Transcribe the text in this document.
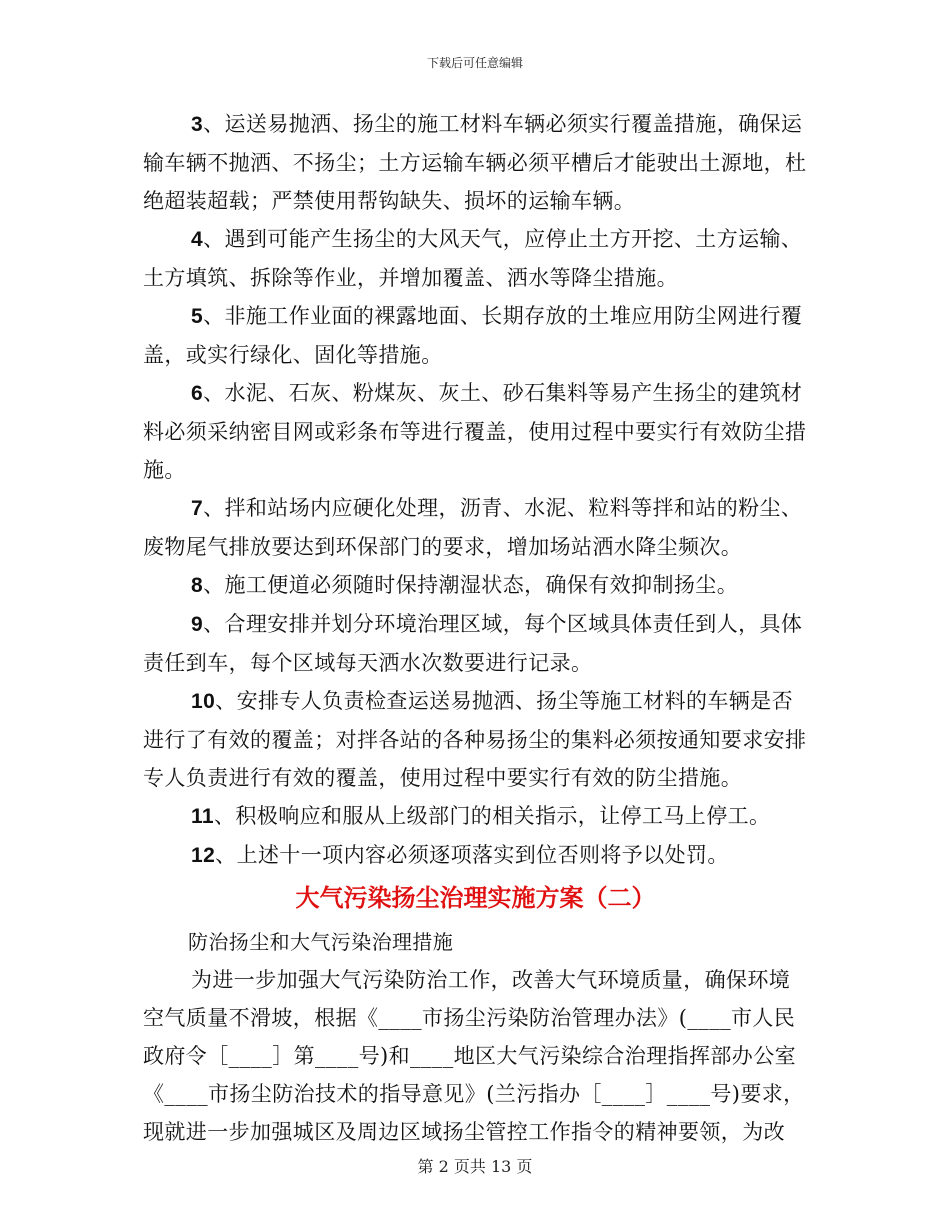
下载后可任意编辑

3、运送易抛洒、扬尘的施工材料车辆必须实行覆盖措施，确保运输车辆不抛洒、不扬尘；土方运输车辆必须平槽后才能驶出土源地，杜绝超装超载；严禁使用帮钩缺失、损坏的运输车辆。

4、遇到可能产生扬尘的大风天气，应停止土方开挖、土方运输、土方填筑、拆除等作业，并增加覆盖、洒水等降尘措施。

5、非施工作业面的裸露地面、长期存放的土堆应用防尘网进行覆盖，或实行绿化、固化等措施。

6、水泥、石灰、粉煤灰、灰土、砂石集料等易产生扬尘的建筑材料必须采纳密目网或彩条布等进行覆盖，使用过程中要实行有效防尘措施。

7、拌和站场内应硬化处理，沥青、水泥、粒料等拌和站的粉尘、废物尾气排放要达到环保部门的要求，增加场站洒水降尘频次。

8、施工便道必须随时保持潮湿状态，确保有效抑制扬尘。

9、合理安排并划分环境治理区域，每个区域具体责任到人，具体责任到车，每个区域每天洒水次数要进行记录。

10、安排专人负责检查运送易抛洒、扬尘等施工材料的车辆是否进行了有效的覆盖；对拌各站的各种易扬尘的集料必须按通知要求安排专人负责进行有效的覆盖，使用过程中要实行有效的防尘措施。

11、积极响应和服从上级部门的相关指示，让停工马上停工。

12、上述十一项内容必须逐项落实到位否则将予以处罚。

大气污染扬尘治理实施方案（二）

防治扬尘和大气污染治理措施

为进一步加强大气污染防治工作，改善大气环境质量，确保环境空气质量不滑坡，根据《____市扬尘污染防治管理办法》(____市人民政府令［____］第____号)和____地区大气污染综合治理指挥部办公室《____市扬尘防治技术的指导意见》(兰污指办［____］____号)要求，现就进一步加强城区及周边区域扬尘管控工作指令的精神要领，为改

第 2 页共 13 页
